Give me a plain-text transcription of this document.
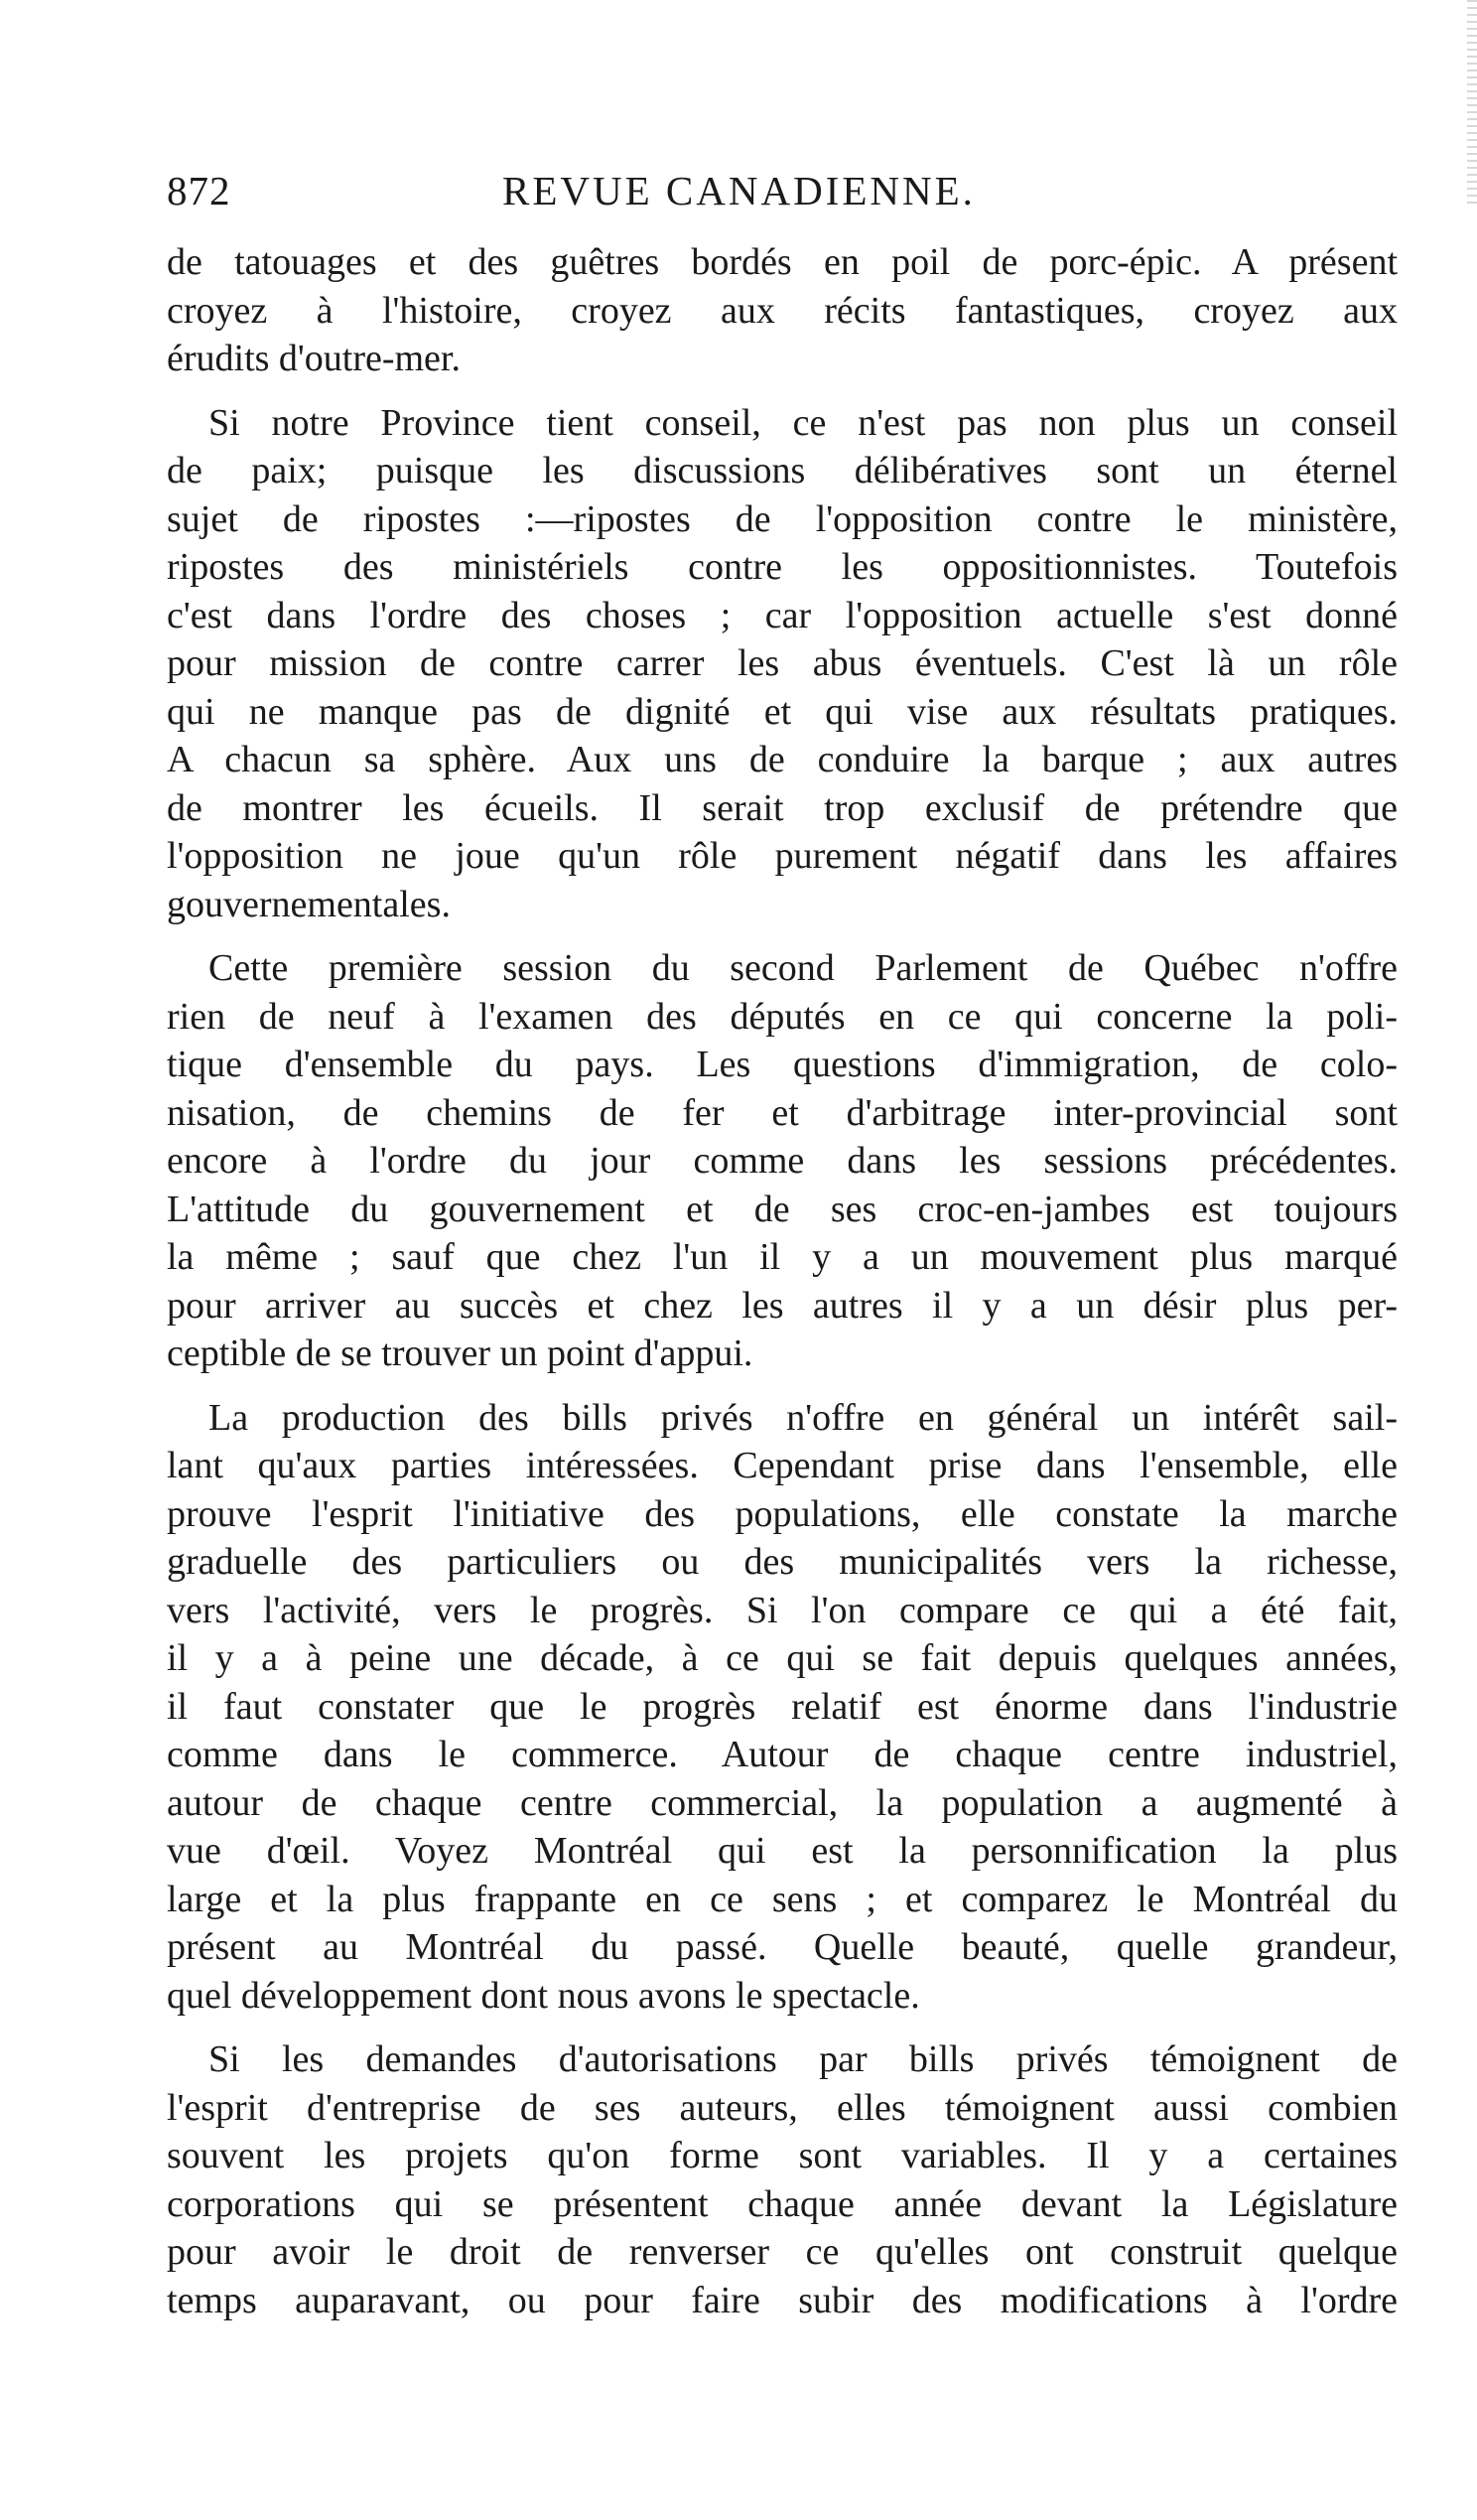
872	REVUE CANADIENNE.
de tatouages et des guêtres bordés en poil de porc-épic. A présent
croyez à l'histoire, croyez aux récits fantastiques, croyez aux
érudits d'outre-mer.
Si notre Province tient conseil, ce n'est pas non plus un conseil
de paix; puisque les discussions délibératives sont un éternel
sujet de ripostes :—ripostes de l'opposition contre le ministère,
ripostes des ministériels contre les oppositionnistes. Toutefois
c'est dans l'ordre des choses ; car l'opposition actuelle s'est donné
pour mission de contre carrer les abus éventuels. C'est là un rôle
qui ne manque pas de dignité et qui vise aux résultats pratiques.
A chacun sa sphère. Aux uns de conduire la barque ; aux autres
de montrer les écueils. Il serait trop exclusif de prétendre que
l'opposition ne joue qu'un rôle purement négatif dans les affaires
gouvernementales.
Cette première session du second Parlement de Québec n'offre
rien de neuf à l'examen des députés en ce qui concerne la poli-
tique d'ensemble du pays. Les questions d'immigration, de colo-
nisation, de chemins de fer et d'arbitrage inter-provincial sont
encore à l'ordre du jour comme dans les sessions précédentes.
L'attitude du gouvernement et de ses croc-en-jambes est toujours
la même ; sauf que chez l'un il y a un mouvement plus marqué
pour arriver au succès et chez les autres il y a un désir plus per-
ceptible de se trouver un point d'appui.
La production des bills privés n'offre en général un intérêt sail-
lant qu'aux parties intéressées. Cependant prise dans l'ensemble, elle
prouve l'esprit l'initiative des populations, elle constate la marche
graduelle des particuliers ou des municipalités vers la richesse,
vers l'activité, vers le progrès. Si l'on compare ce qui a été fait,
il y a à peine une décade, à ce qui se fait depuis quelques années,
il faut constater que le progrès relatif est énorme dans l'industrie
comme dans le commerce. Autour de chaque centre industriel,
autour de chaque centre commercial, la population a augmenté à
vue d'œil. Voyez Montréal qui est la personnification la plus
large et la plus frappante en ce sens ; et comparez le Montréal du
présent au Montréal du passé. Quelle beauté, quelle grandeur,
quel développement dont nous avons le spectacle.
Si les demandes d'autorisations par bills privés témoignent de
l'esprit d'entreprise de ses auteurs, elles témoignent aussi combien
souvent les projets qu'on forme sont variables. Il y a certaines
corporations qui se présentent chaque année devant la Législature
pour avoir le droit de renverser ce qu'elles ont construit quelque
temps auparavant, ou pour faire subir des modifications à l'ordre
